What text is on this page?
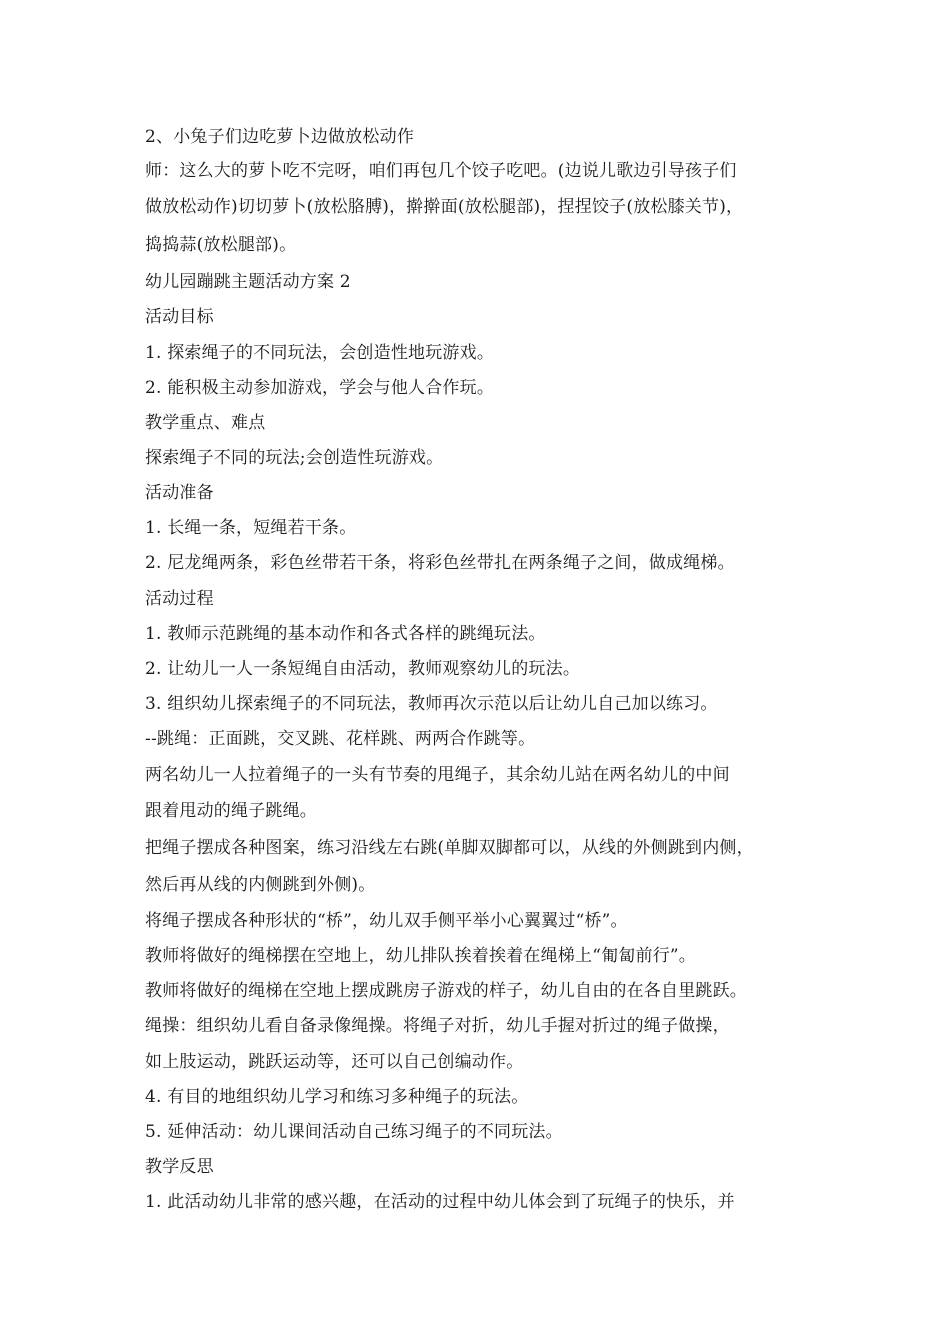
2、小兔子们边吃萝卜边做放松动作
师：这么大的萝卜吃不完呀，咱们再包几个饺子吃吧。(边说儿歌边引导孩子们
做放松动作)切切萝卜(放松胳膊)，擀擀面(放松腿部)，捏捏饺子(放松膝关节)，
捣捣蒜(放松腿部)。
幼儿园蹦跳主题活动方案 2
活动目标
1. 探索绳子的不同玩法，会创造性地玩游戏。
2. 能积极主动参加游戏，学会与他人合作玩。
教学重点、难点
探索绳子不同的玩法;会创造性玩游戏。
活动准备
1. 长绳一条，短绳若干条。
2. 尼龙绳两条，彩色丝带若干条，将彩色丝带扎在两条绳子之间，做成绳梯。
活动过程
1. 教师示范跳绳的基本动作和各式各样的跳绳玩法。
2. 让幼儿一人一条短绳自由活动，教师观察幼儿的玩法。
3. 组织幼儿探索绳子的不同玩法，教师再次示范以后让幼儿自己加以练习。
--跳绳：正面跳，交叉跳、花样跳、两两合作跳等。
两名幼儿一人拉着绳子的一头有节奏的甩绳子，其余幼儿站在两名幼儿的中间
跟着甩动的绳子跳绳。
把绳子摆成各种图案，练习沿线左右跳(单脚双脚都可以，从线的外侧跳到内侧，
然后再从线的内侧跳到外侧)。
将绳子摆成各种形状的“桥”，幼儿双手侧平举小心翼翼过“桥”。
教师将做好的绳梯摆在空地上，幼儿排队挨着挨着在绳梯上“匍匐前行”。
教师将做好的绳梯在空地上摆成跳房子游戏的样子，幼儿自由的在各自里跳跃。
绳操：组织幼儿看自备录像绳操。将绳子对折，幼儿手握对折过的绳子做操，
如上肢运动，跳跃运动等，还可以自己创编动作。
4. 有目的地组织幼儿学习和练习多种绳子的玩法。
5. 延伸活动：幼儿课间活动自己练习绳子的不同玩法。
教学反思
1. 此活动幼儿非常的感兴趣，在活动的过程中幼儿体会到了玩绳子的快乐，并
